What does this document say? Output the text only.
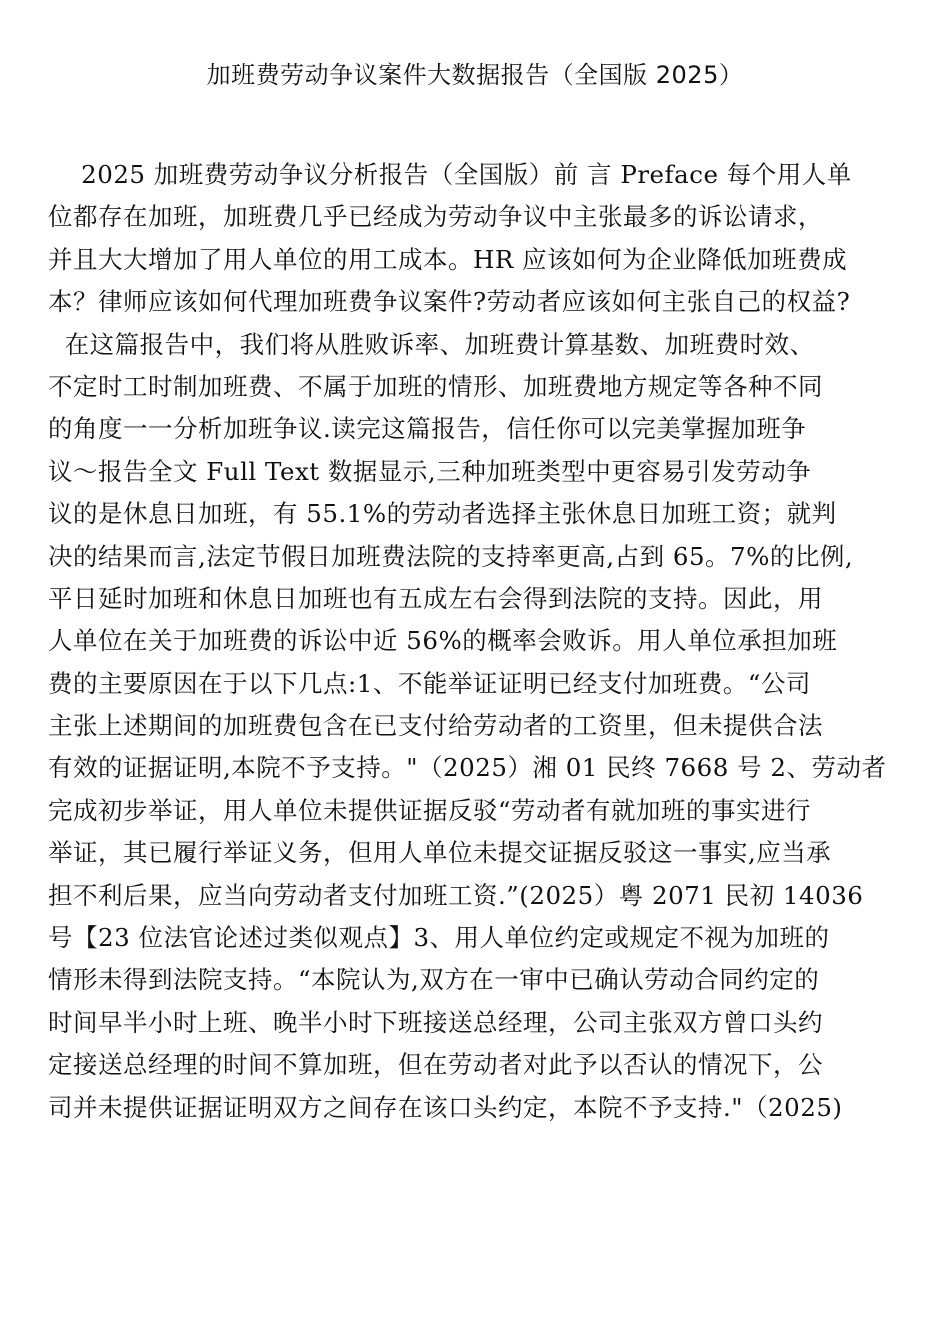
加班费劳动争议案件大数据报告（全国版 2025）
2025 加班费劳动争议分析报告（全国版）前 言 Preface 每个用人单
位都存在加班，加班费几乎已经成为劳动争议中主张最多的诉讼请求，
并且大大增加了用人单位的用工成本。HR 应该如何为企业降低加班费成
本？律师应该如何代理加班费争议案件?劳动者应该如何主张自己的权益?
在这篇报告中，我们将从胜败诉率、加班费计算基数、加班费时效、
不定时工时制加班费、不属于加班的情形、加班费地方规定等各种不同
的角度一一分析加班争议.读完这篇报告，信任你可以完美掌握加班争
议～报告全文 Full Text 数据显示,三种加班类型中更容易引发劳动争
议的是休息日加班，有 55.1%的劳动者选择主张休息日加班工资；就判
决的结果而言,法定节假日加班费法院的支持率更高,占到 65。7%的比例,
平日延时加班和休息日加班也有五成左右会得到法院的支持。因此，用
人单位在关于加班费的诉讼中近 56%的概率会败诉。用人单位承担加班
费的主要原因在于以下几点:1、不能举证证明已经支付加班费。“公司
主张上述期间的加班费包含在已支付给劳动者的工资里，但未提供合法
有效的证据证明,本院不予支持。"（2025）湘 01 民终 7668 号 2、劳动者
完成初步举证，用人单位未提供证据反驳“劳动者有就加班的事实进行
举证，其已履行举证义务，但用人单位未提交证据反驳这一事实,应当承
担不利后果，应当向劳动者支付加班工资.”(2025）粤 2071 民初 14036
号【23 位法官论述过类似观点】3、用人单位约定或规定不视为加班的
情形未得到法院支持。“本院认为,双方在一审中已确认劳动合同约定的
时间早半小时上班、晚半小时下班接送总经理，公司主张双方曾口头约
定接送总经理的时间不算加班，但在劳动者对此予以否认的情况下，公
司并未提供证据证明双方之间存在该口头约定，本院不予支持."（2025)
